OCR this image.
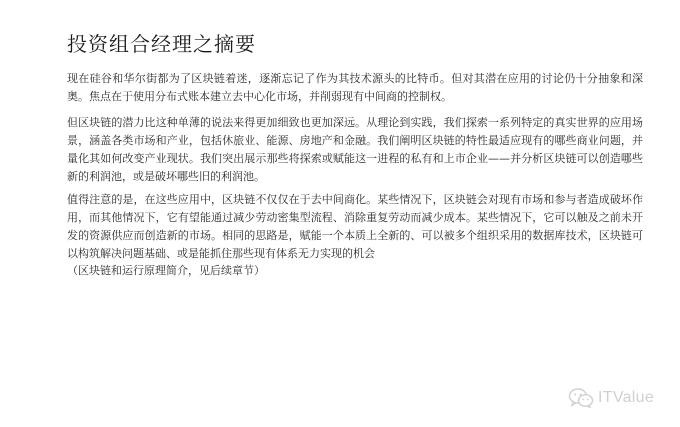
投资组合经理之摘要

现在硅谷和华尔街都为了区块链着迷，逐渐忘记了作为其技术源头的比特币。但对其潜在应用的讨论仍十分抽象和深奥。焦点在于使用分布式账本建立去中心化市场，并削弱现有中间商的控制权。

但区块链的潜力比这种单薄的说法来得更加细致也更加深远。从理论到实践，我们探索一系列特定的真实世界的应用场景，涵盖各类市场和产业，包括休旅业、能源、房地产和金融。我们阐明区块链的特性最适应现有的哪些商业问题，并量化其如何改变产业现状。我们突出展示那些将探索或赋能这一进程的私有和上市企业——并分析区块链可以创造哪些新的利润池，或是破坏哪些旧的利润池。

值得注意的是，在这些应用中，区块链不仅仅在于去中间商化。某些情况下，区块链会对现有市场和参与者造成破坏作用，而其他情况下，它有望能通过减少劳动密集型流程、消除重复劳动而减少成本。某些情况下，它可以触及之前未开发的资源供应而创造新的市场。相同的思路是，赋能一个本质上全新的、可以被多个组织采用的数据库技术，区块链可以构筑解决问题基础、或是能抓住那些现有体系无力实现的机会

（区块链和运行原理简介，见后续章节）
ITValue
